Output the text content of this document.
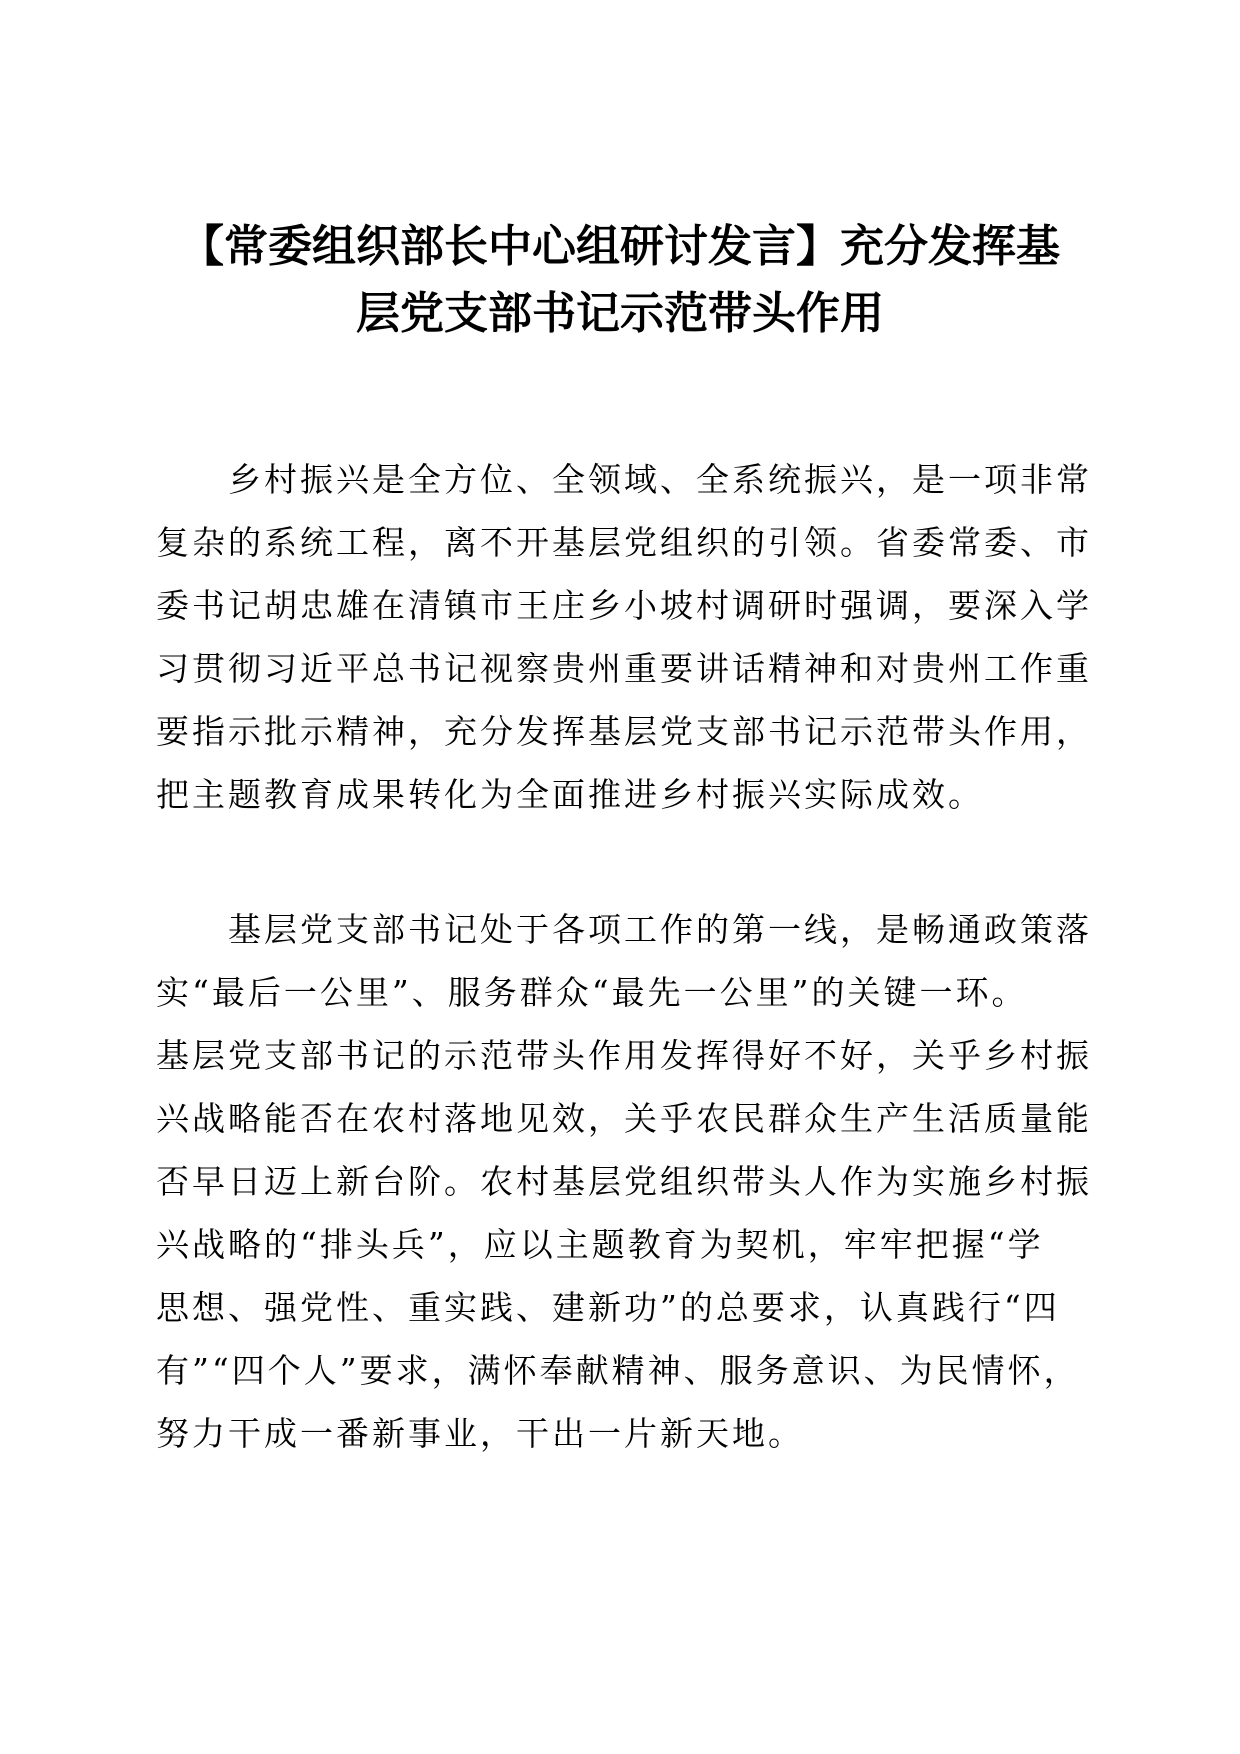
【常委组织部长中心组研讨发言】充分发挥基
层党支部书记示范带头作用
乡村振兴是全方位、全领域、全系统振兴，是一项非常
复杂的系统工程，离不开基层党组织的引领。省委常委、市
委书记胡忠雄在清镇市王庄乡小坡村调研时强调，要深入学
习贯彻习近平总书记视察贵州重要讲话精神和对贵州工作重
要指示批示精神，充分发挥基层党支部书记示范带头作用，
把主题教育成果转化为全面推进乡村振兴实际成效。
基层党支部书记处于各项工作的第一线，是畅通政策落
实“最后一公里”、服务群众“最先一公里”的关键一环。
基层党支部书记的示范带头作用发挥得好不好，关乎乡村振
兴战略能否在农村落地见效，关乎农民群众生产生活质量能
否早日迈上新台阶。农村基层党组织带头人作为实施乡村振
兴战略的“排头兵”，应以主题教育为契机，牢牢把握“学
思想、强党性、重实践、建新功”的总要求，认真践行“四
有”“四个人”要求，满怀奉献精神、服务意识、为民情怀，
努力干成一番新事业，干出一片新天地。
